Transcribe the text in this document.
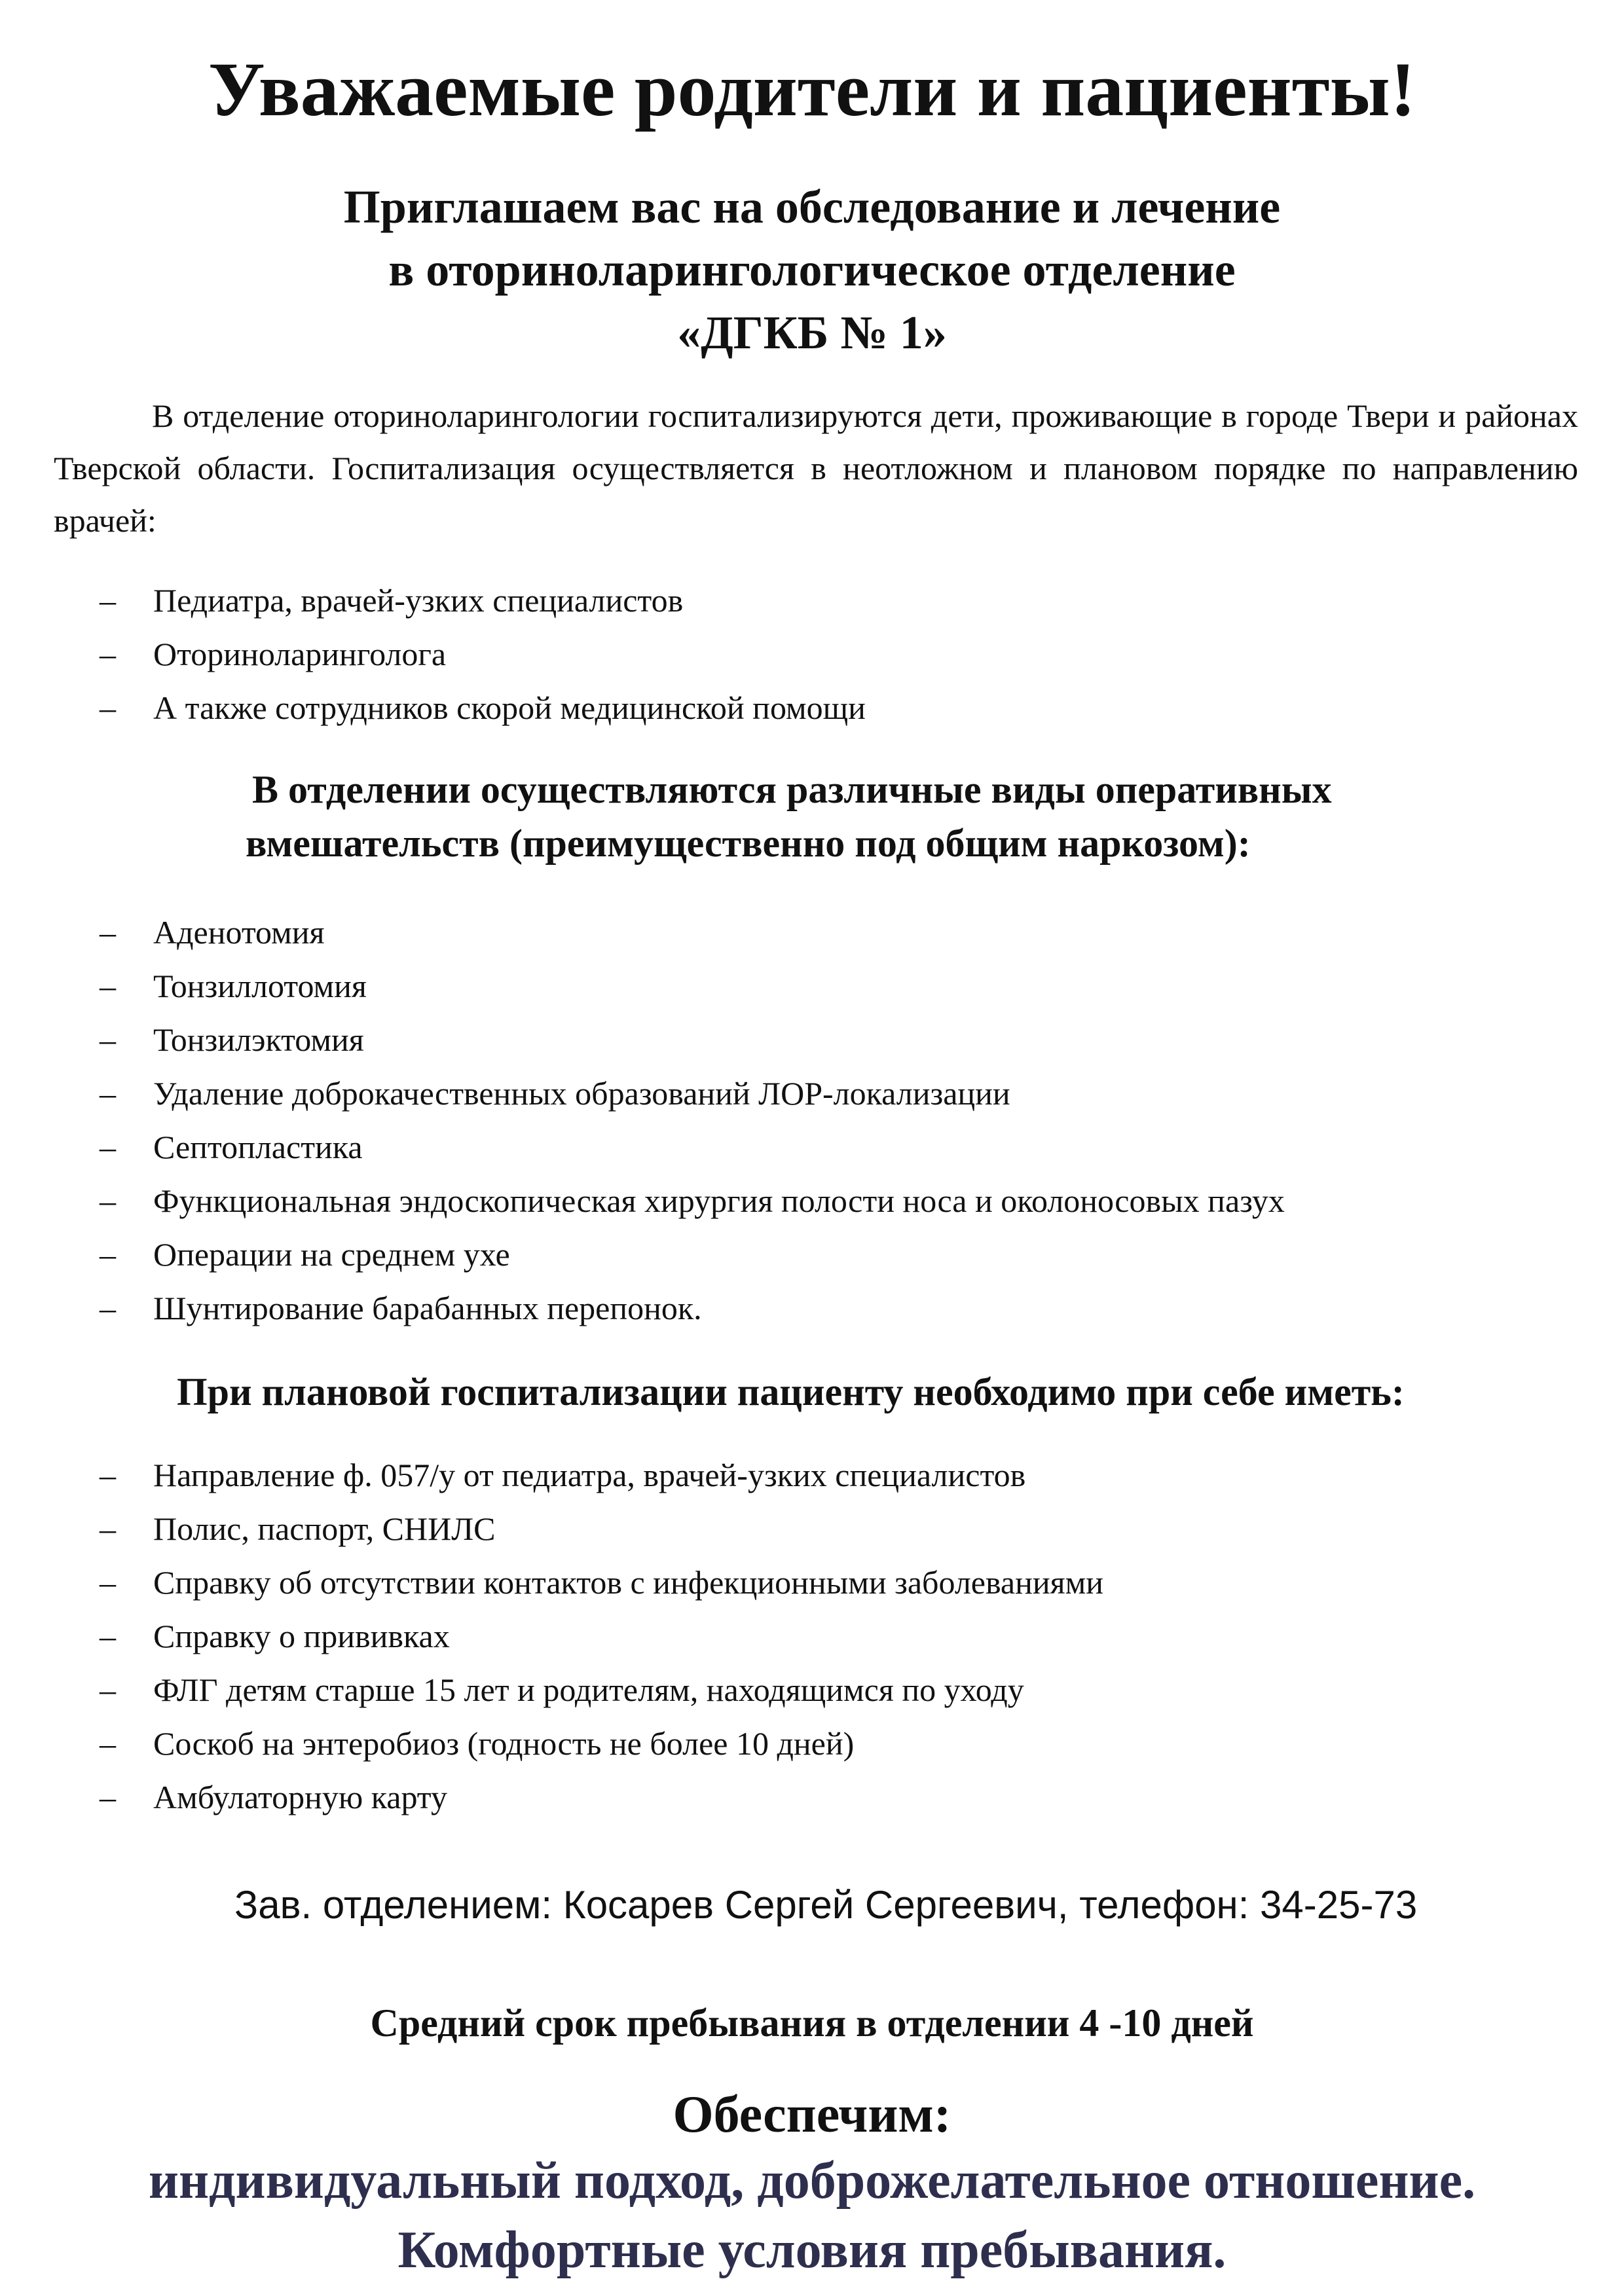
Уважаемые родители и пациенты!
Приглашаем вас на обследование и лечение
в оториноларингологическое отделение
«ДГКБ № 1»

В отделение оториноларингологии госпитализируются дети, проживающие в городе Твери и районах Тверской области. Госпитализация осуществляется в неотложном и плановом порядке по направлению врачей:

– Педиатра, врачей-узких специалистов
– Оториноларинголога
– А также сотрудников скорой медицинской помощи
В отделении осуществляются различные виды оперативных
вмешательств (преимущественно под общим наркозом):
– Аденотомия
– Тонзиллотомия
– Тонзилэктомия
– Удаление доброкачественных образований ЛОР-локализации
– Септопластика
– Функциональная эндоскопическая хирургия полости носа и околоносовых пазух
– Операции на среднем ухе
– Шунтирование барабанных перепонок.
При плановой госпитализации пациенту необходимо при себе иметь:
– Направление ф. 057/у от педиатра, врачей-узких специалистов
– Полис, паспорт, СНИЛС
– Справку об отсутствии контактов с инфекционными заболеваниями
– Справку о прививках
– ФЛГ детям старше 15 лет и родителям, находящимся по уходу
– Соскоб на энтеробиоз (годность не более 10 дней)
– Амбулаторную карту

Зав. отделением: Косарев Сергей Сергеевич, телефон: 34-25-73

Средний срок пребывания в отделении 4 -10 дней

Обеспечим:

индивидуальный подход, доброжелательное отношение.
Комфортные условия пребывания.
